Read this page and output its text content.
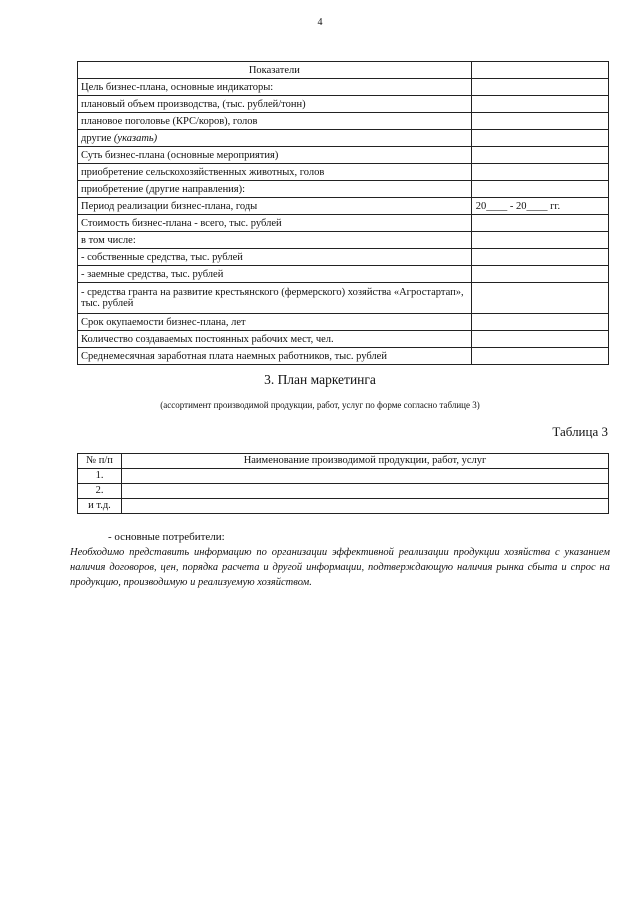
4
Показатели	
Цель бизнес-плана, основные индикаторы:	
плановый объем производства, (тыс. рублей/тонн)	
плановое поголовье (КРС/коров), голов	
другие (указать)	
Суть бизнес-плана (основные мероприятия)	
приобретение сельскохозяйственных животных, голов	
приобретение (другие направления):	
Период реализации бизнес-плана, годы	20____ - 20____ гг.
Стоимость бизнес-плана - всего, тыс. рублей	
в том числе:	
- собственные средства, тыс. рублей	
- заемные средства, тыс. рублей	
- средства гранта на развитие крестьянского (фермерского) хозяйства «Агростартап», тыс. рублей	
Срок окупаемости бизнес-плана, лет	
Количество создаваемых постоянных рабочих мест, чел.	
Среднемесячная заработная плата наемных работников, тыс. рублей	
3. План маркетинга
(ассортимент производимой продукции, работ, услуг по форме согласно таблице 3)
Таблица 3
№ п/п	Наименование производимой продукции, работ, услуг
1.	
2.	
и т.д.	
- основные потребители:
Необходимо представить информацию по организации эффективной реализации продукции хозяйства с указанием наличия договоров, цен, порядка расчета и другой информации, подтверждающую наличия рынка сбыта и спрос на продукцию, производимую и реализуемую хозяйством.
